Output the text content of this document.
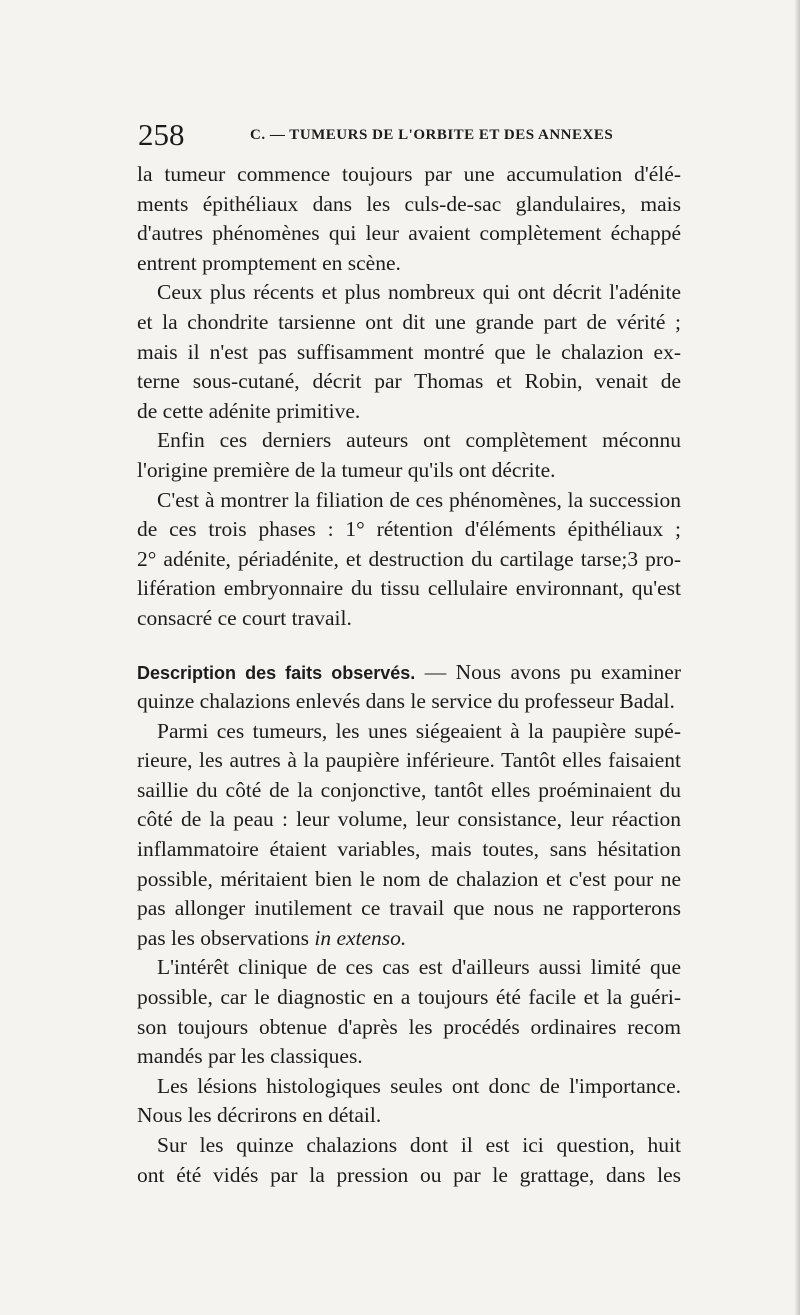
258	C. — TUMEURS DE L'ORBITE ET DES ANNEXES
la tumeur commence toujours par une accumulation d'élé-
ments épithéliaux dans les culs-de-sac glandulaires, mais
d'autres phénomènes qui leur avaient complètement échappé
entrent promptement en scène.
Ceux plus récents et plus nombreux qui ont décrit l'adénite
et la chondrite tarsienne ont dit une grande part de vérité ;
mais il n'est pas suffisamment montré que le chalazion ex-
terne sous-cutané, décrit par Thomas et Robin, venait de
de cette adénite primitive.
Enfin ces derniers auteurs ont complètement méconnu
l'origine première de la tumeur qu'ils ont décrite.
C'est à montrer la filiation de ces phénomènes, la succession
de ces trois phases : 1° rétention d'éléments épithéliaux ;
2° adénite, périadénite, et destruction du cartilage tarse;3 pro-
lifération embryonnaire du tissu cellulaire environnant, qu'est
consacré ce court travail.
Description des faits observés. — Nous avons pu examiner
quinze chalazions enlevés dans le service du professeur Badal.
Parmi ces tumeurs, les unes siégeaient à la paupière supé-
rieure, les autres à la paupière inférieure. Tantôt elles faisaient
saillie du côté de la conjonctive, tantôt elles proéminaient du
côté de la peau : leur volume, leur consistance, leur réaction
inflammatoire étaient variables, mais toutes, sans hésitation
possible, méritaient bien le nom de chalazion et c'est pour ne
pas allonger inutilement ce travail que nous ne rapporterons
pas les observations in extenso.
L'intérêt clinique de ces cas est d'ailleurs aussi limité que
possible, car le diagnostic en a toujours été facile et la guéri-
son toujours obtenue d'après les procédés ordinaires recom
mandés par les classiques.
Les lésions histologiques seules ont donc de l'importance.
Nous les décrirons en détail.
Sur les quinze chalazions dont il est ici question, huit
ont été vidés par la pression ou par le grattage, dans les
